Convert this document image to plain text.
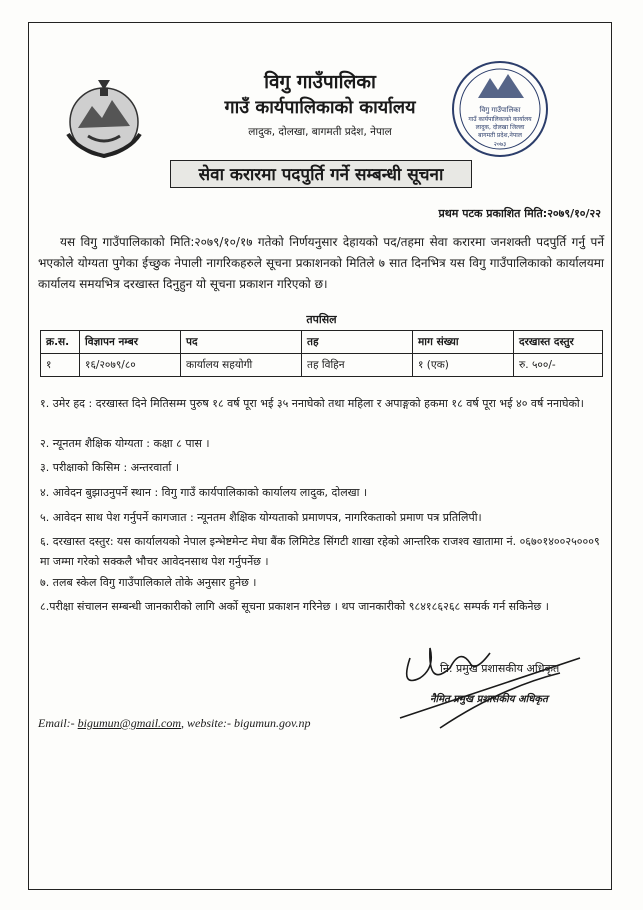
विगु गाउँपालिका
गाउँ कार्यपालिकाको कार्यालय
लादुक, दोलखा जिल्ला
बागमती प्रदेश,नेपाल
२०७३
विगु गाउँपालिका
गाउँ कार्यपालिकाको कार्यालय
लादुक, दोलखा, बागमती प्रदेश, नेपाल
सेवा करारमा पदपुर्ति गर्ने सम्बन्धी सूचना
प्रथम पटक प्रकाशित मिति:२०७९/१०/२२
यस विगु गाउँपालिकाको मिति:२०७९/१०/१७ गतेको निर्णयनुसार देहायको पद/तहमा सेवा करारमा जनशक्ती पदपुर्ति गर्नु पर्ने भएकोले योग्यता पुगेका ईच्छुक नेपाली नागरिकहरुले सूचना प्रकाशनको मितिले ७ सात दिनभित्र यस विगु गाउँपालिकाको कार्यालयमा कार्यालय समयभित्र दरखास्त दिनुहुन यो सूचना प्रकाशन गरिएको छ।
तपसिल
क्र.स.	विज्ञापन नम्बर	पद	तह	माग संख्या	दरखास्त दस्तुर
१	१६/२०७९/८०	कार्यालय सहयोगी	तह विहिन	१ (एक)	रु. ५००/-
१. उमेर हद : दरखास्त दिने मितिसम्म पुरुष १८ वर्ष पूरा भई ३५ ननाघेको तथा महिला र अपाङ्गको हकमा १८ वर्ष पूरा भई ४० वर्ष ननाघेको।
२. न्यूनतम शैक्षिक योग्यता : कक्षा ८ पास ।
३. परीक्षाको किसिम : अन्तरवार्ता ।
४. आवेदन बुझाउनुपर्ने स्थान : विगु गाउँ कार्यपालिकाको कार्यालय लादुक, दोलखा ।
५. आवेदन साथ पेश गर्नुपर्ने कागजात : न्यूनतम शैक्षिक योग्यताको प्रमाणपत्र, नागरिकताको प्रमाण पत्र प्रतिलिपी।
६. दरखास्त दस्तुर: यस कार्यालयको नेपाल इन्भेष्टमेन्ट मेघा बैंक लिमिटेड सिंगटी शाखा रहेको आन्तरिक राजश्व खातामा नं. ०६७०१४००२५०००९ मा जम्मा गरेको सक्कलै भौचर आवेदनसाथ पेश गर्नुपर्नेछ ।
७. तलब स्केल विगु गाउँपालिकाले तोके अनुसार हुनेछ ।
८.परीक्षा संचालन सम्बन्धी जानकारीको लागि अर्को सूचना प्रकाशन गरिनेछ । थप जानकारीको ९८४१८६२६८ सम्पर्क गर्न सकिनेछ ।
नि. प्रमुख प्रशासकीय अधिकृत
नैमित प्रमुख प्रशासकीय अधिकृत
Email:- bigumun@gmail.com, website:- bigumun.gov.np
